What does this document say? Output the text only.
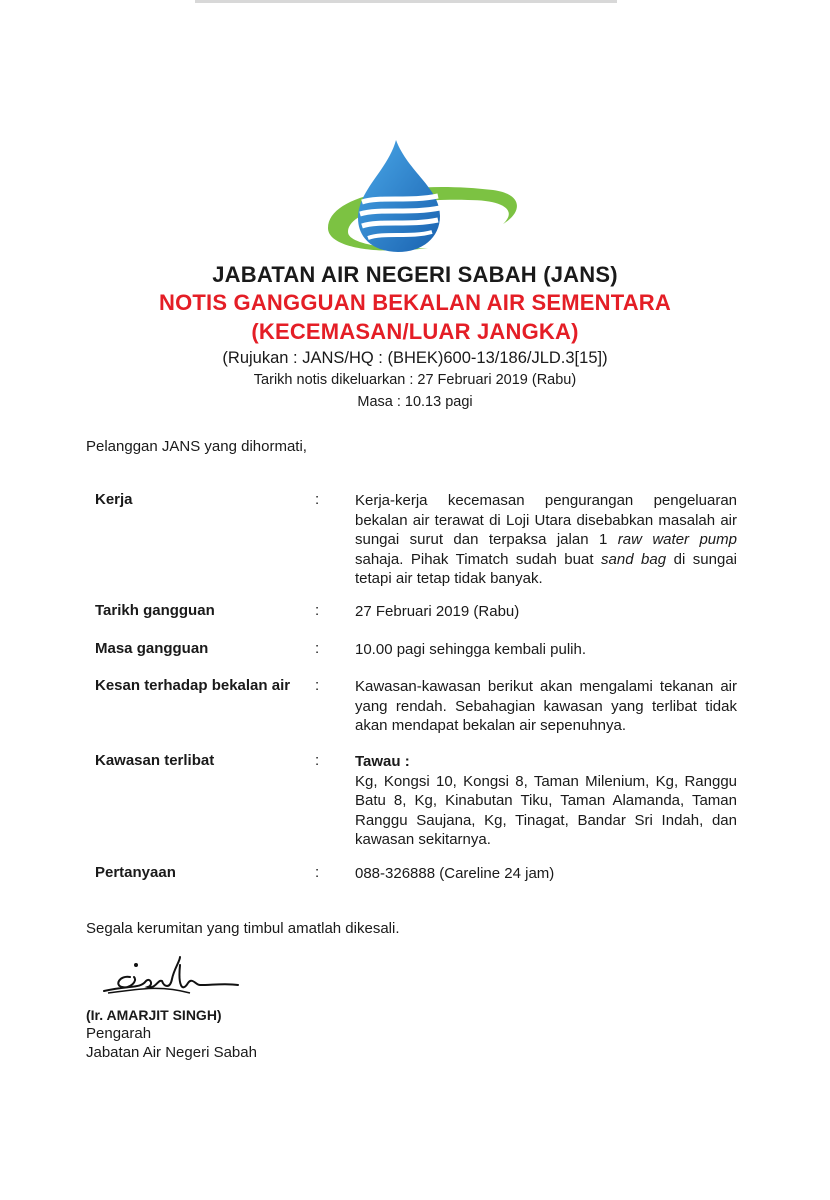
JABATAN AIR NEGERI SABAH (JANS)
NOTIS GANGGUAN BEKALAN AIR SEMENTARA
(KECEMASAN/LUAR JANGKA)
(Rujukan : JANS/HQ : (BHEK)600-13/186/JLD.3[15])
Tarikh notis dikeluarkan : 27 Februari 2019 (Rabu)
Masa : 10.13 pagi
Pelanggan JANS yang dihormati,
Kerja	: Kerja-kerja kecemasan pengurangan pengeluaran bekalan air terawat di Loji Utara disebabkan masalah air sungai surut dan terpaksa jalan 1 raw water pump sahaja. Pihak Timatch sudah buat sand bag di sungai tetapi air tetap tidak banyak.
Tarikh gangguan	: 27 Februari 2019 (Rabu)
Masa gangguan	: 10.00 pagi sehingga kembali pulih.
Kesan terhadap bekalan air : Kawasan-kawasan berikut akan mengalami tekanan air yang rendah. Sebahagian kawasan yang terlibat tidak akan mendapat bekalan air sepenuhnya.
Kawasan terlibat	: Tawau :
Kg, Kongsi 10, Kongsi 8, Taman Milenium, Kg, Ranggu Batu 8, Kg, Kinabutan Tiku, Taman Alamanda, Taman Ranggu Saujana, Kg, Tinagat, Bandar Sri Indah, dan kawasan sekitarnya.
Pertanyaan	: 088-326888 (Careline 24 jam)
Segala kerumitan yang timbul amatlah dikesali.
(Ir. AMARJIT SINGH)
Pengarah
Jabatan Air Negeri Sabah
